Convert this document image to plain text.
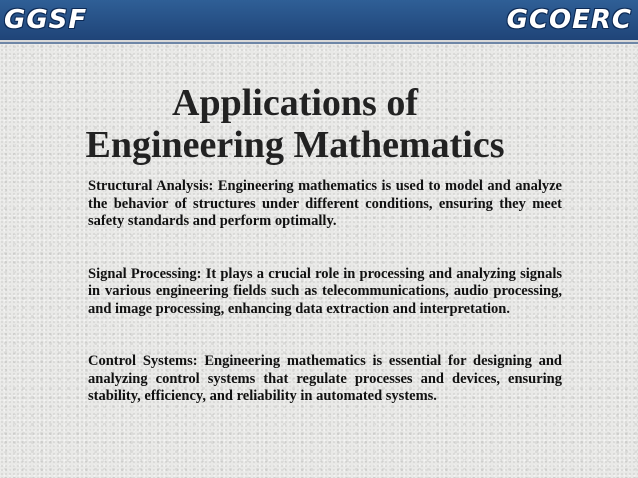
GGSF	GCOERC
Applications of
Engineering Mathematics

Structural Analysis: Engineering mathematics is used to model and analyze the behavior of structures under different conditions, ensuring they meet safety standards and perform optimally.

Signal Processing: It plays a crucial role in processing and analyzing signals in various engineering fields such as telecommunications, audio processing, and image processing, enhancing data extraction and interpretation.

Control Systems: Engineering mathematics is essential for designing and analyzing control systems that regulate processes and devices, ensuring stability, efficiency, and reliability in automated systems.
